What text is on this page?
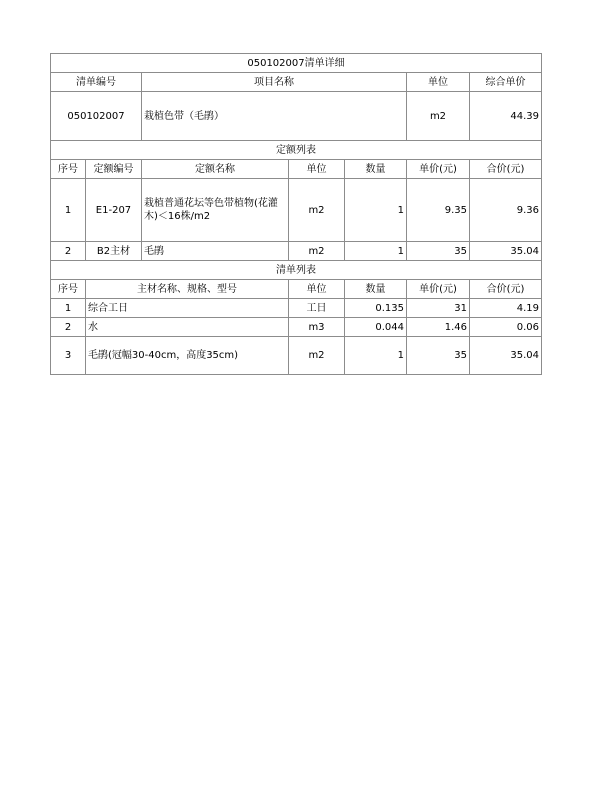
050102007清单详细						
清单编号		项目名称			单位	综合单价
050102007		栽植色带（毛鹃）			m2	44.39
定额列表						
序号	定额编号	定额名称	单位	数量	单价(元)	合价(元)
1	E1-207	栽植普通花坛等色带植物(花灌木)＜16株/m2	m2	1	9.35	9.36
2	B2主材	毛鹃	m2	1	35	35.04
清单列表						
序号	主材名称、规格、型号		单位	数量	单价(元)	合价(元)
1	综合工日		工日	0.135	31	4.19
2	水		m3	0.044	1.46	0.06
3	毛鹃(冠幅30-40cm，高度35cm)		m2	1	35	35.04
